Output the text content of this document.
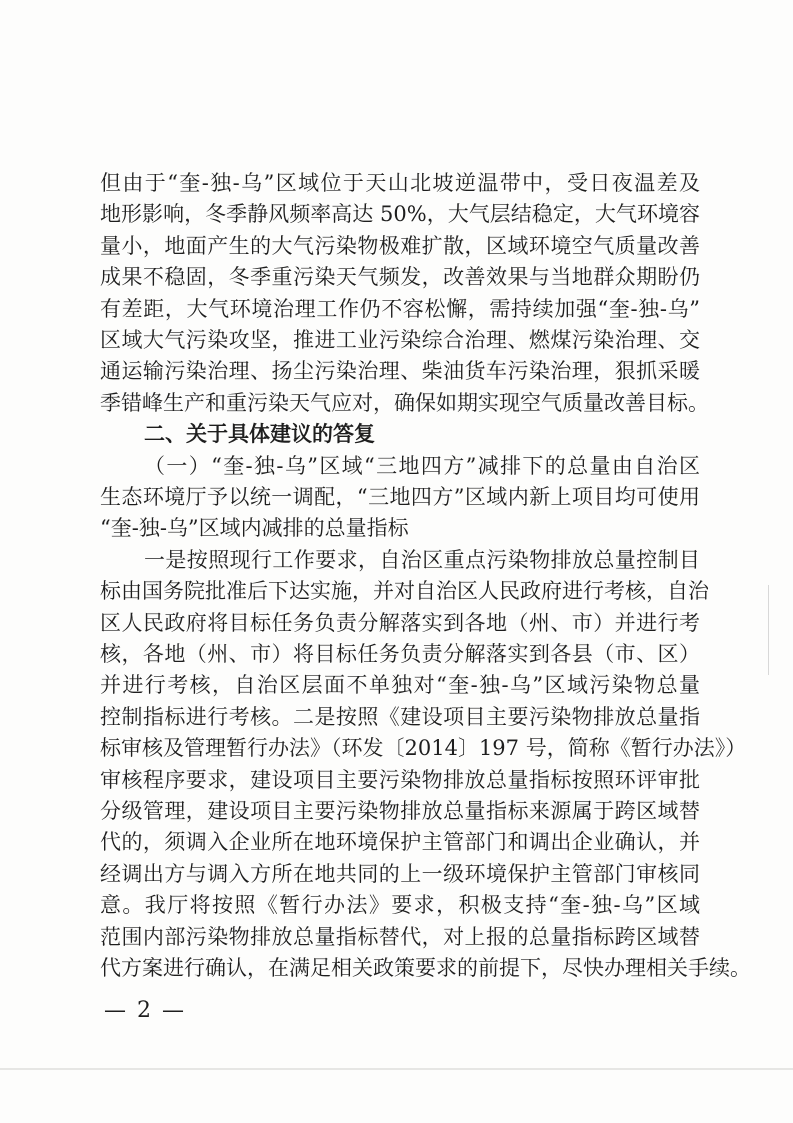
但由于“奎-独-乌”区域位于天山北坡逆温带中，受日夜温差及
地形影响，冬季静风频率高达 50%，大气层结稳定，大气环境容
量小，地面产生的大气污染物极难扩散，区域环境空气质量改善
成果不稳固，冬季重污染天气频发，改善效果与当地群众期盼仍
有差距，大气环境治理工作仍不容松懈，需持续加强“奎-独-乌”
区域大气污染攻坚，推进工业污染综合治理、燃煤污染治理、交
通运输污染治理、扬尘污染治理、柴油货车污染治理，狠抓采暖
季错峰生产和重污染天气应对，确保如期实现空气质量改善目标。
二、关于具体建议的答复
（一）“奎-独-乌”区域“三地四方”减排下的总量由自治区
生态环境厅予以统一调配，“三地四方”区域内新上项目均可使用
“奎-独-乌”区域内减排的总量指标
一是按照现行工作要求，自治区重点污染物排放总量控制目
标由国务院批准后下达实施，并对自治区人民政府进行考核，自治
区人民政府将目标任务负责分解落实到各地（州、市）并进行考
核，各地（州、市）将目标任务负责分解落实到各县（市、区）
并进行考核，自治区层面不单独对“奎-独-乌”区域污染物总量
控制指标进行考核。二是按照《建设项目主要污染物排放总量指
标审核及管理暂行办法》（环发〔2014〕197 号，简称《暂行办法》）
审核程序要求，建设项目主要污染物排放总量指标按照环评审批
分级管理，建设项目主要污染物排放总量指标来源属于跨区域替
代的，须调入企业所在地环境保护主管部门和调出企业确认，并
经调出方与调入方所在地共同的上一级环境保护主管部门审核同
意。我厅将按照《暂行办法》要求，积极支持“奎-独-乌”区域
范围内部污染物排放总量指标替代，对上报的总量指标跨区域替
代方案进行确认，在满足相关政策要求的前提下，尽快办理相关手续。
— 2 —
